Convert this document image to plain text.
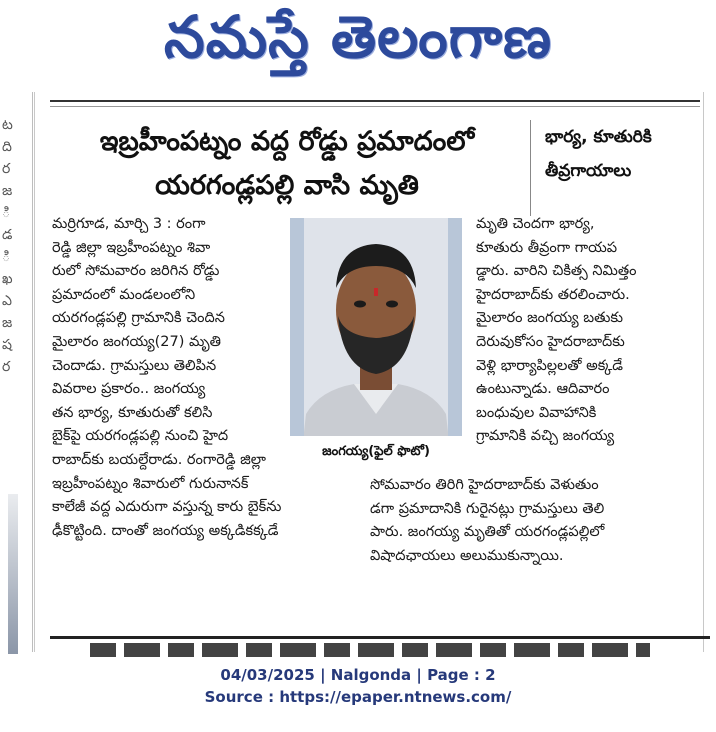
నమస్తే తెలంగాణ

ట
ది
ర
జ
ి
డ
ి
ఖ
ఎ
జ
ష
ర
ఇబ్రహీంపట్నం వద్ద రోడ్డు ప్రమాదంలో
యరగండ్లపల్లి వాసి మృతి
భార్య, కూతురికి
తీవ్రగాయాలు
మర్రిగూడ, మార్చి 3 : రంగా
రెడ్డి జిల్లా ఇబ్రహీంపట్నం శివా
రులో సోమవారం జరిగిన రోడ్డు
ప్రమాదంలో మండలంలోని
యరగండ్లపల్లి గ్రామానికి చెందిన
మైలారం జంగయ్య(27) మృతి
చెందాడు. గ్రామస్తులు తెలిపిన
వివరాల ప్రకారం.. జంగయ్య
తన భార్య, కూతురుతో కలిసి
బైక్‌పై యరగండ్లపల్లి నుంచి హైద
రాబాద్‌కు బయల్దేరాడు. రంగారెడ్డి జిల్లా
ఇబ్రహీంపట్నం శివారులో గురునానక్
కాలేజీ వద్ద ఎదురుగా వస్తున్న కారు బైక్‌ను
ఢీకొట్టింది. దాంతో జంగయ్య అక్కడికక్కడే
జంగయ్య(ఫైల్ ఫొటో)
మృతి చెందగా భార్య,
కూతురు తీవ్రంగా గాయప
డ్డారు. వారిని చికిత్స నిమిత్తం
హైదరాబాద్‌కు తరలించారు.
మైలారం జంగయ్య బతుకు
దెరువుకోసం హైదరాబాద్‌కు
వెళ్లి భార్యాపిల్లలతో అక్కడే
ఉంటున్నాడు. ఆదివారం
బంధువుల వివాహానికి
గ్రామానికి వచ్చి జంగయ్య
సోమవారం తిరిగి హైదరాబాద్‌కు వెళుతుం
డగా ప్రమాదానికి గురైనట్లు గ్రామస్తులు తెలి
పారు. జంగయ్య మృతితో యరగండ్లపల్లిలో
విషాదఛాయలు అలుముకున్నాయి.
04/03/2025 | Nalgonda | Page : 2
Source : https://epaper.ntnews.com/
